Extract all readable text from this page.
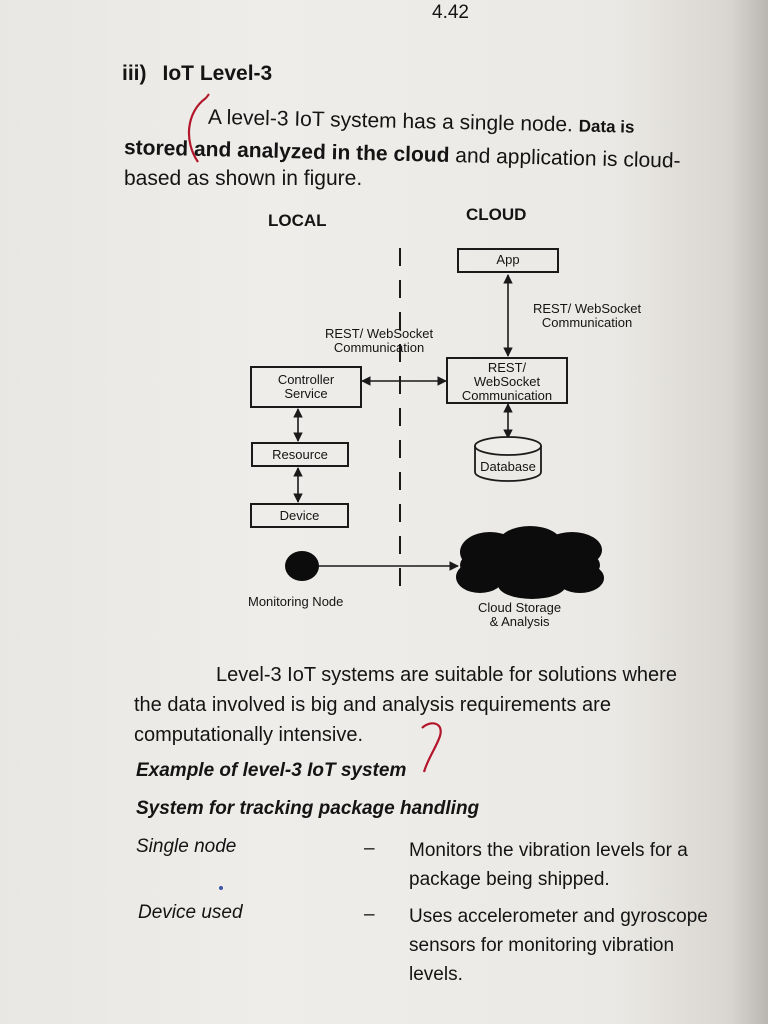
4.42
iii) IoT Level-3
A level-3 IoT system has a single node. Data is
stored and analyzed in the cloud and application is cloud-
based as shown in figure.
LOCAL	CLOUD
App
REST/ WebSocket
Communication
REST/ WebSocket
Communication
Controller
Service
REST/
WebSocket
Communication
Resource
Database
Device
Monitoring Node	Cloud Storage
& Analysis
Level-3 IoT systems are suitable for solutions where
the data involved is big and analysis requirements are
computationally intensive.
Example of level-3 IoT system
System for tracking package handling
Single node	– Monitors the vibration levels for a
package being shipped.
Device used	– Uses accelerometer and gyroscope
sensors for monitoring vibration
levels.
